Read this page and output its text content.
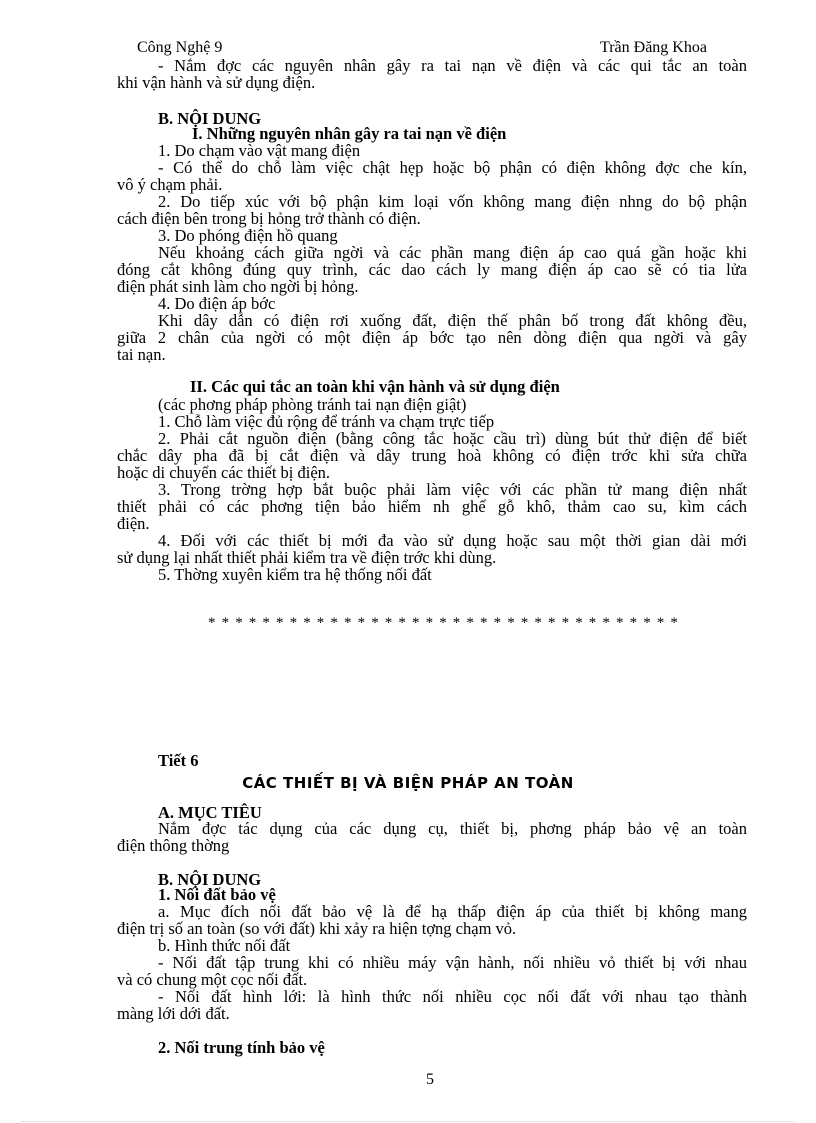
Công Nghệ 9	Trần Đăng Khoa
- Nắm đợc các nguyên nhân gây ra tai nạn về điện và các qui tắc an toàn
khi vận hành và sử dụng điện.
B. NỘI DUNG
I. Những nguyên nhân gây ra tai nạn về điện
1. Do chạm vào vật mang điện
- Có thể do chỗ làm việc chật hẹp hoặc bộ phận có điện không đợc che kín,
vô ý chạm phải.
2. Do tiếp xúc với bộ phận kim loại vốn không mang điện nhng do bộ phận
cách điện bên trong bị hỏng trở thành có điện.
3. Do phóng điện hồ quang
Nếu khoảng cách giữa ngời và các phần mang điện áp cao quá gần hoặc khi
đóng cắt không đúng quy trình, các dao cách ly mang điện áp cao sẽ có tia lửa
điện phát sinh làm cho ngời bị hỏng.
4. Do điện áp bớc
Khi dây dẫn có điện rơi xuống đất, điện thế phân bố trong đất không đều,
giữa 2 chân của ngời có một điện áp bớc tạo nên dòng điện qua ngời và gây
tai nạn.
II. Các qui tắc an toàn khi vận hành và sử dụng điện
(các phơng pháp phòng tránh tai nạn điện giật)
1. Chỗ làm việc đủ rộng để tránh va chạm trực tiếp
2. Phải cắt nguồn điện (bằng công tắc hoặc cầu trì) dùng bút thử điện để biết
chắc dây pha đã bị cắt điện và dây trung hoà không có điện trớc khi sửa chữa
hoặc di chuyển các thiết bị điện.
3. Trong trờng hợp bắt buộc phải làm việc với các phần tử mang điện nhất
thiết phải có các phơng tiện bảo hiểm nh ghế gỗ khô, thảm cao su, kìm cách
điện.
4. Đối với các thiết bị mới đa vào sử dụng hoặc sau một thời gian dài mới
sử dụng lại nhất thiết phải kiểm tra về điện trớc khi dùng.
5. Thờng xuyên kiểm tra hệ thống nối đất
***********************************
Tiết 6
CÁC THIẾT BỊ VÀ BIỆN PHÁP AN TOÀN
A. MỤC TIÊU
Nắm đợc tác dụng của các dụng cụ, thiết bị, phơng pháp bảo vệ an toàn
điện thông thờng
B. NỘI DUNG
1. Nối đất bảo vệ
a. Mục đích nối đất bảo vệ là để hạ thấp điện áp của thiết bị không mang
điện trị số an toàn (so với đất) khi xảy ra hiện tợng chạm vỏ.
b. Hình thức nối đất
- Nối đất tập trung khi có nhiều máy vận hành, nối nhiều vỏ thiết bị với nhau
và có chung một cọc nối đất.
- Nối đất hình lới: là hình thức nối nhiều cọc nối đất với nhau tạo thành
màng lới dới đất.
2. Nối trung tính bảo vệ
5
